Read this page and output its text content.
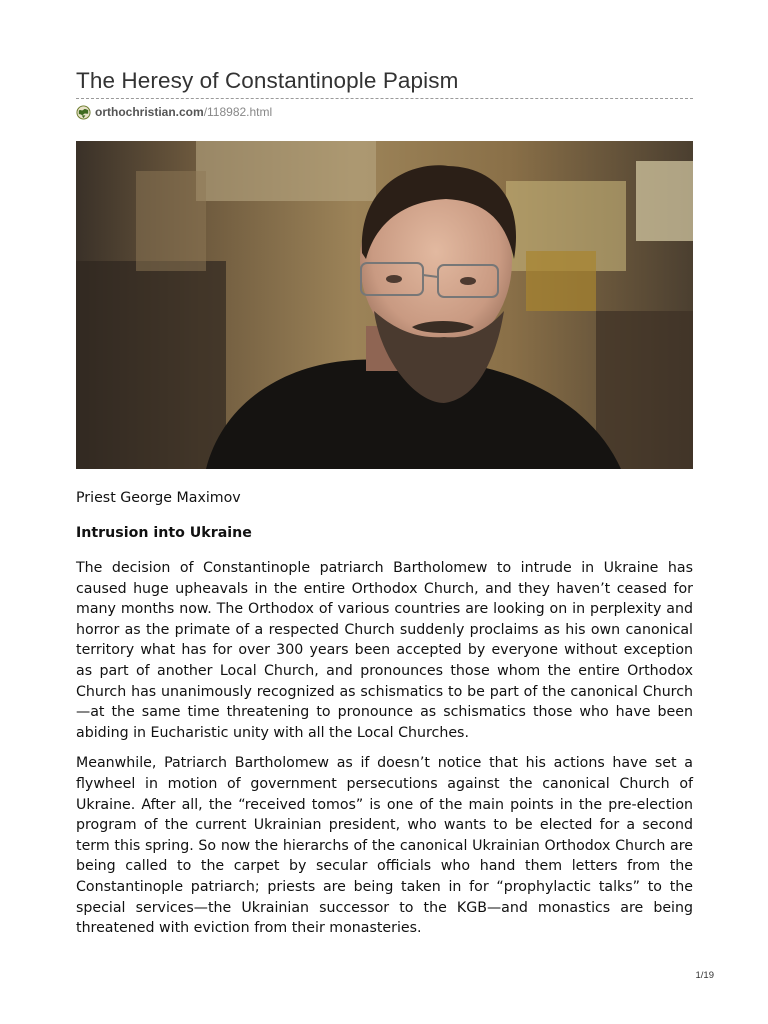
The Heresy of Constantinople Papism
orthochristian.com /118982.html
Priest George Maximov
Intrusion into Ukraine

The decision of Constantinople patriarch Bartholomew to intrude in Ukraine has caused huge upheavals in the entire Orthodox Church, and they haven’t ceased for many months now. The Orthodox of various countries are looking on in perplexity and horror as the primate of a respected Church suddenly proclaims as his own canonical territory what has for over 300 years been accepted by everyone without exception as part of another Local Church, and pronounces those whom the entire Orthodox Church has unanimously recognized as schismatics to be part of the canonical Church—at the same time threatening to pronounce as schismatics those who have been abiding in Eucharistic unity with all the Local Churches.

Meanwhile, Patriarch Bartholomew as if doesn’t notice that his actions have set a flywheel in motion of government persecutions against the canonical Church of Ukraine. After all, the “received tomos” is one of the main points in the pre-election program of the current Ukrainian president, who wants to be elected for a second term this spring. So now the hierarchs of the canonical Ukrainian Orthodox Church are being called to the carpet by secular officials who hand them letters from the Constantinople patriarch; priests are being taken in for “prophylactic talks” to the special services—the Ukrainian successor to the KGB—and monastics are being threatened with eviction from their monasteries.

1/19
